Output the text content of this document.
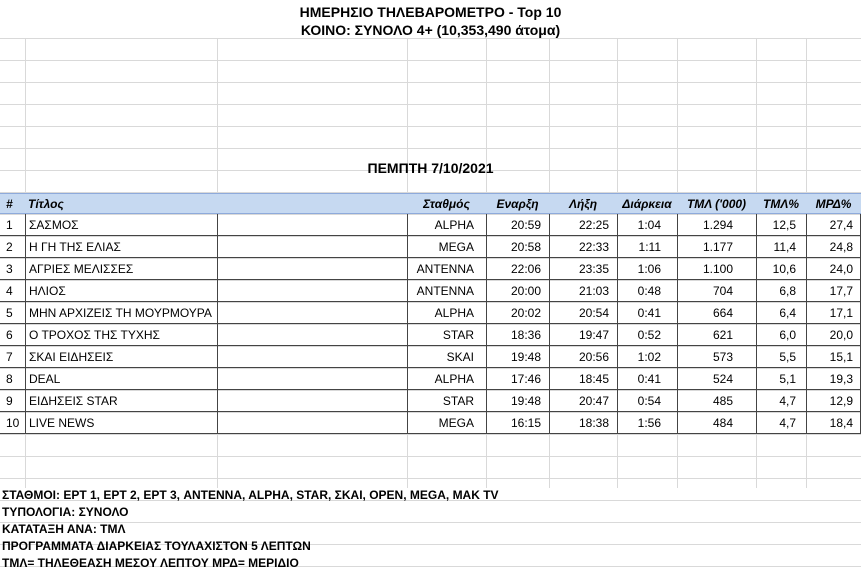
ΗΜΕΡΗΣΙΟ ΤΗΛΕΒΑΡΟΜΕΤΡΟ - Top 10
ΚΟΙΝΟ: ΣΥΝΟΛΟ 4+ (10,353,490 άτομα)
ΠΕΜΠΤΗ 7/10/2021
#	Τίτλος	Σταθμός	Εναρξη	Λήξη	Διάρκεια	ΤΜΛ ('000)	ΤΜΛ%	ΜΡΔ%
1	ΣΑΣΜΟΣ	ALPHA	20:59	22:25	1:04	1.294	12,5	27,4
2	Η ΓΗ ΤΗΣ ΕΛΙΑΣ	MEGA	20:58	22:33	1:11	1.177	11,4	24,8
3	ΑΓΡΙΕΣ ΜΕΛΙΣΣΕΣ	ANTENNA	22:06	23:35	1:06	1.100	10,6	24,0
4	ΗΛΙΟΣ	ANTENNA	20:00	21:03	0:48	704	6,8	17,7
5	ΜΗΝ ΑΡΧΙΖΕΙΣ ΤΗ ΜΟΥΡΜΟΥΡΑ	ALPHA	20:02	20:54	0:41	664	6,4	17,1
6	Ο ΤΡΟΧΟΣ ΤΗΣ ΤΥΧΗΣ	STAR	18:36	19:47	0:52	621	6,0	20,0
7	ΣΚΑΙ ΕΙΔΗΣΕΙΣ	SKAI	19:48	20:56	1:02	573	5,5	15,1
8	DEAL	ALPHA	17:46	18:45	0:41	524	5,1	19,3
9	ΕΙΔΗΣΕΙΣ STAR	STAR	19:48	20:47	0:54	485	4,7	12,9
10 LIVE NEWS	MEGA	16:15	18:38	1:56	484	4,7	18,4
ΣΤΑΘΜΟΙ: ΕΡΤ 1, ΕΡΤ 2, ΕΡΤ 3, ANTENNA, ALPHA, STAR, ΣΚΑΙ, OPEN, MEGA, MAK TV
ΤΥΠΟΛΟΓΙΑ: ΣΥΝΟΛΟ
ΚΑΤΑΤΑΞΗ ΑΝΑ: ΤΜΛ
ΠΡΟΓΡΑΜΜΑΤΑ ΔΙΑΡΚΕΙΑΣ ΤΟΥΛΑΧΙΣΤΟΝ 5 ΛΕΠΤΩΝ
ΤΜΛ= ΤΗΛΕΘΕΑΣΗ ΜΕΣΟΥ ΛΕΠΤΟΥ ΜΡΔ= ΜΕΡΙΔΙΟ
